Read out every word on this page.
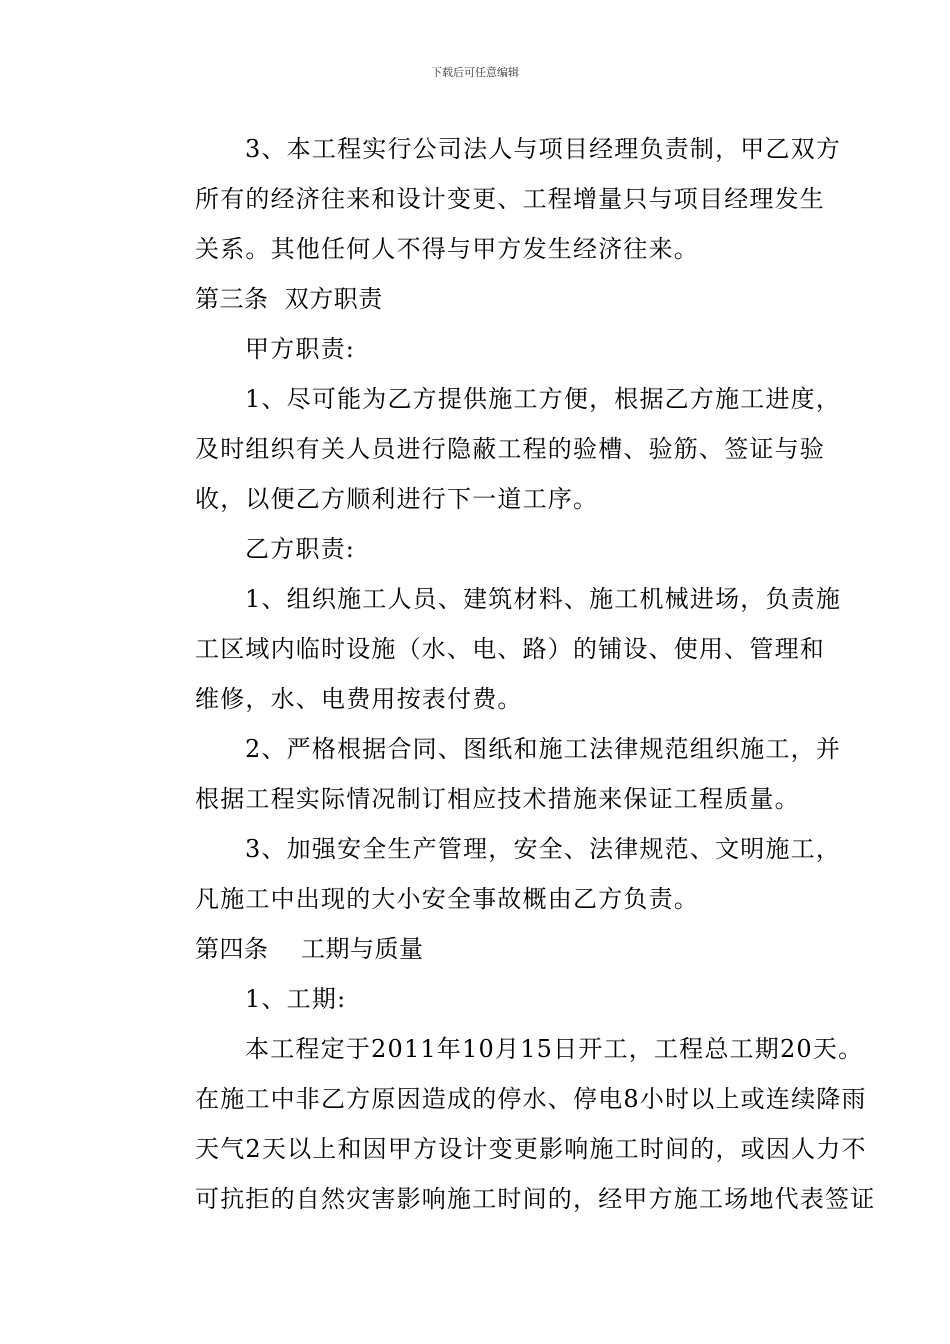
下载后可任意编辑
3、本工程实行公司法人与项目经理负责制，甲乙双方
所有的经济往来和设计变更、工程增量只与项目经理发生
关系。其他任何人不得与甲方发生经济往来。
第三条  双方职责
甲方职责:
1、尽可能为乙方提供施工方便，根据乙方施工进度，
及时组织有关人员进行隐蔽工程的验槽、验筋、签证与验
收，以便乙方顺利进行下一道工序。
乙方职责:
1、组织施工人员、建筑材料、施工机械进场，负责施
工区域内临时设施（水、电、路）的铺设、使用、管理和
维修，水、电费用按表付费。
2、严格根据合同、图纸和施工法律规范组织施工，并
根据工程实际情况制订相应技术措施来保证工程质量。
3、加强安全生产管理，安全、法律规范、文明施工，
凡施工中出现的大小安全事故概由乙方负责。
第四条    工期与质量
1、工期:
本工程定于2011年10月15日开工，工程总工期20天。
在施工中非乙方原因造成的停水、停电8小时以上或连续降雨
天气2天以上和因甲方设计变更影响施工时间的，或因人力不
可抗拒的自然灾害影响施工时间的，经甲方施工场地代表签证
